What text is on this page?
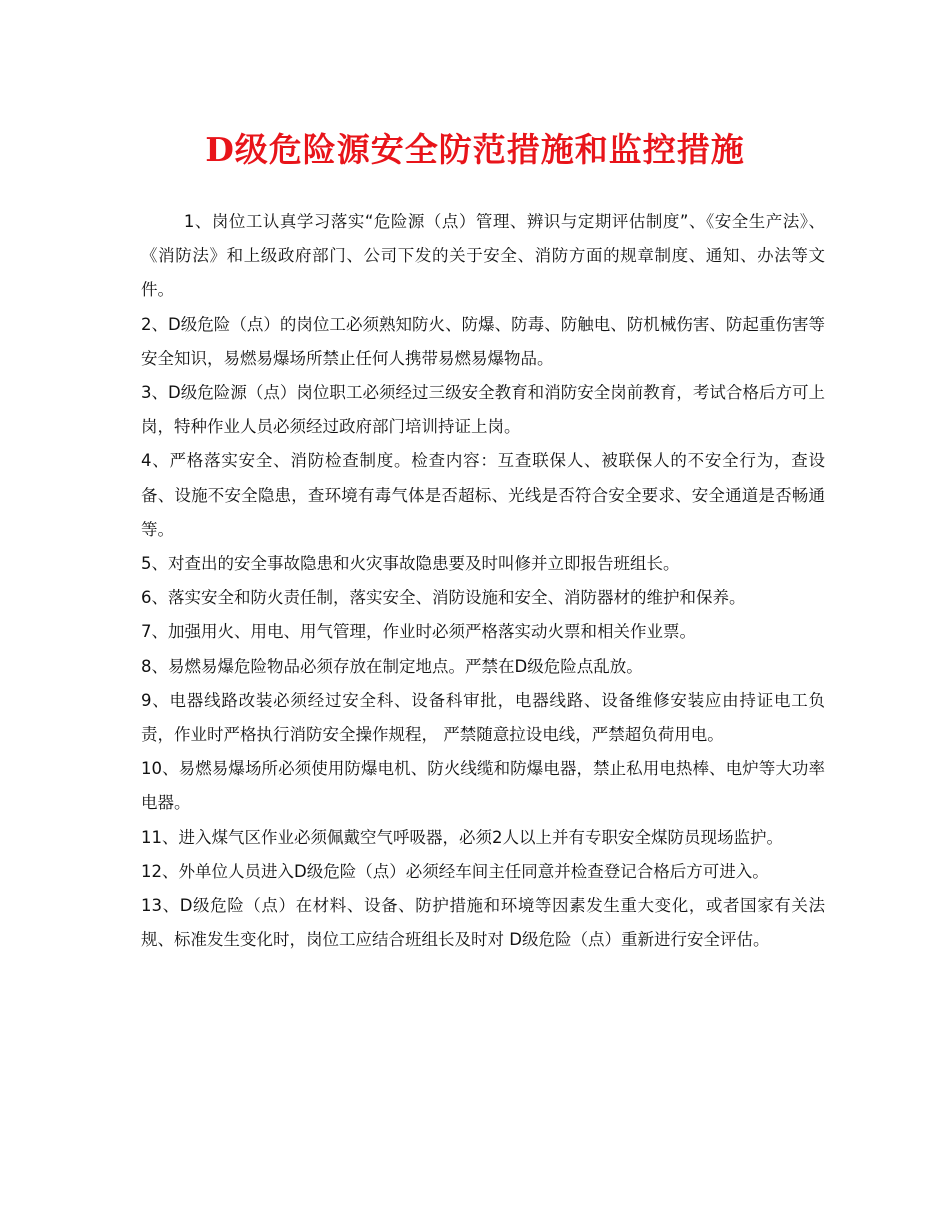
D级危险源安全防范措施和监控措施

1、岗位工认真学习落实“危险源（点）管理、辨识与定期评估制度”、《安全生产法》、《消防法》和上级政府部门、公司下发的关于安全、消防方面的规章制度、通知、办法等文件。

2、D级危险（点）的岗位工必须熟知防火、防爆、防毒、防触电、防机械伤害、防起重伤害等安全知识，易燃易爆场所禁止任何人携带易燃易爆物品。

3、D级危险源（点）岗位职工必须经过三级安全教育和消防安全岗前教育，考试合格后方可上岗，特种作业人员必须经过政府部门培训持证上岗。

4、严格落实安全、消防检查制度。检查内容：互查联保人、被联保人的不安全行为，查设备、设施不安全隐患，查环境有毒气体是否超标、光线是否符合安全要求、安全通道是否畅通等。

5、对查出的安全事故隐患和火灾事故隐患要及时叫修并立即报告班组长。

6、落实安全和防火责任制，落实安全、消防设施和安全、消防器材的维护和保养。

7、加强用火、用电、用气管理，作业时必须严格落实动火票和相关作业票。

8、易燃易爆危险物品必须存放在制定地点。严禁在D级危险点乱放。

9、电器线路改装必须经过安全科、设备科审批，电器线路、设备维修安装应由持证电工负责，作业时严格执行消防安全操作规程， 严禁随意拉设电线，严禁超负荷用电。

10、易燃易爆场所必须使用防爆电机、防火线缆和防爆电器，禁止私用电热棒、电炉等大功率电器。

11、进入煤气区作业必须佩戴空气呼吸器，必须2人以上并有专职安全煤防员现场监护。

12、外单位人员进入D级危险（点）必须经车间主任同意并检查登记合格后方可进入。

13、D级危险（点）在材料、设备、防护措施和环境等因素发生重大变化，或者国家有关法规、标准发生变化时，岗位工应结合班组长及时对 D级危险（点）重新进行安全评估。
